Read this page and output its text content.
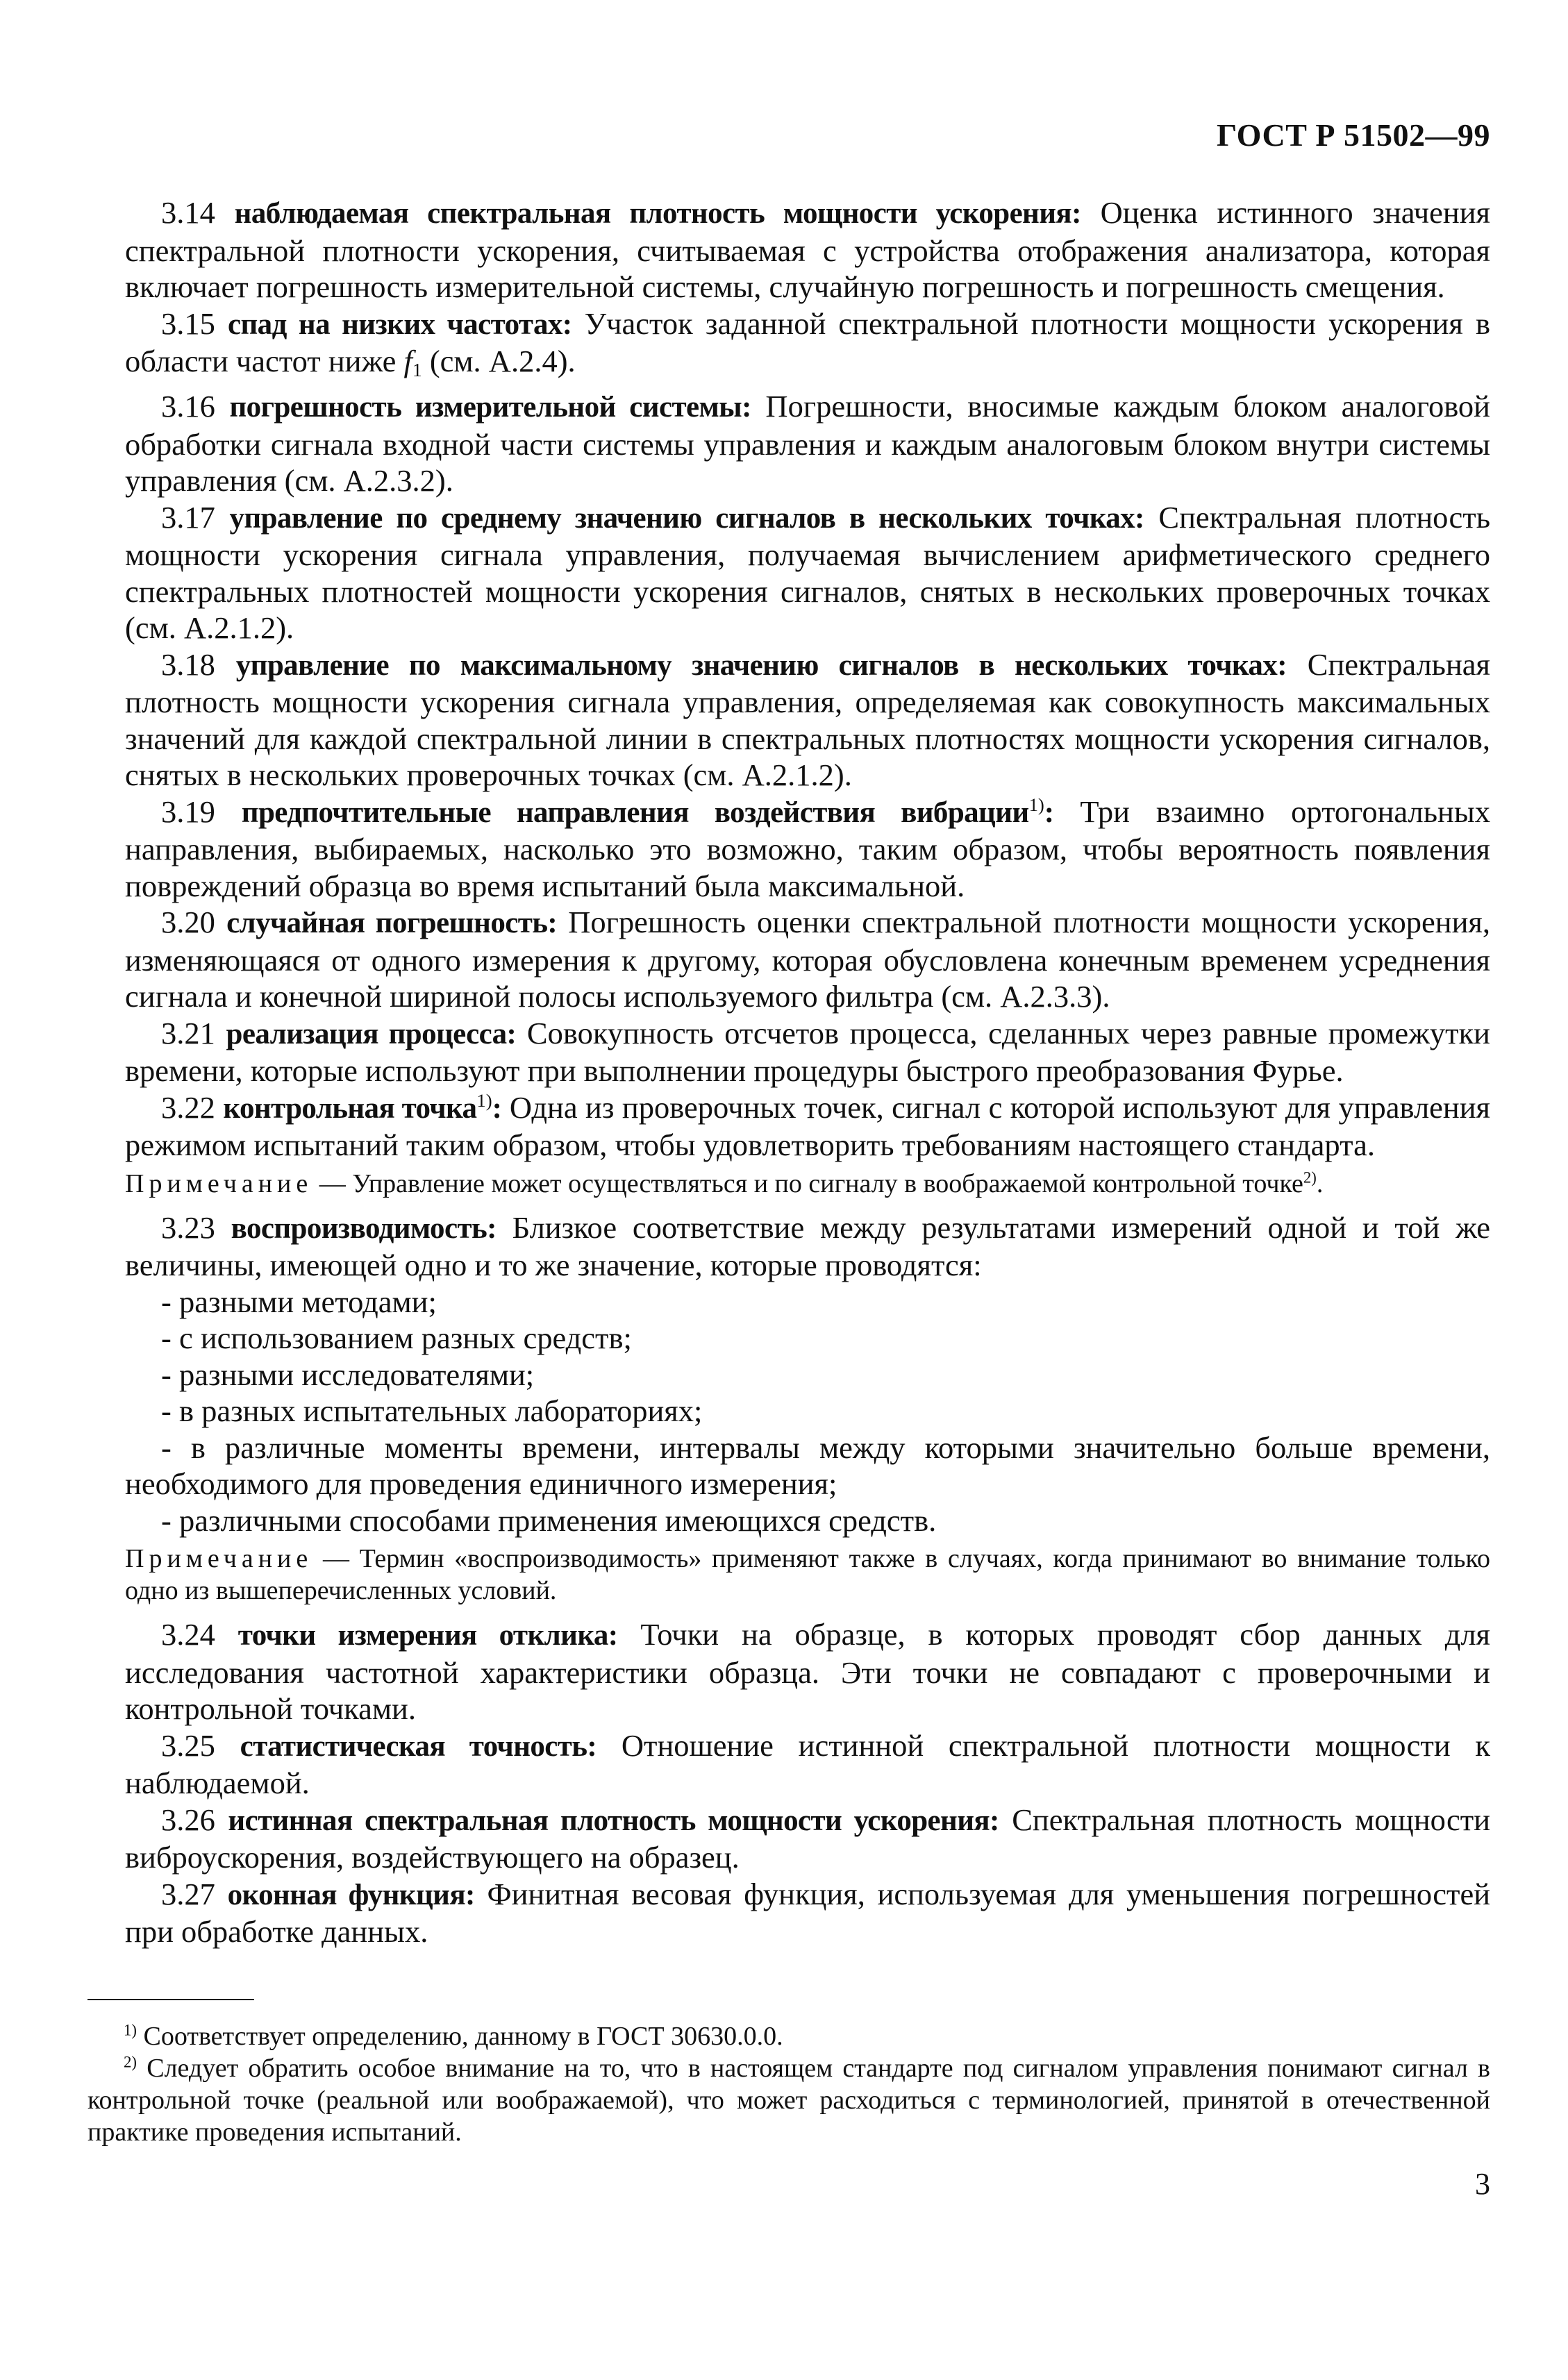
ГОСТ Р 51502—99

3.14 наблюдаемая спектральная плотность мощности ускорения: Оценка истинного значения спектральной плотности ускорения, считываемая с устройства отображения анализатора, которая включает погрешность измерительной системы, случайную погрешность и погрешность смещения.

3.15 спад на низких частотах: Участок заданной спектральной плотности мощности ускорения в области частот ниже $f_1$ (см. А.2.4).

3.16 погрешность измерительной системы: Погрешности, вносимые каждым блоком аналоговой обработки сигнала входной части системы управления и каждым аналоговым блоком внутри системы управления (см. А.2.3.2).

3.17 управление по среднему значению сигналов в нескольких точках: Спектральная плотность мощности ускорения сигнала управления, получаемая вычислением арифметического среднего спектральных плотностей мощности ускорения сигналов, снятых в нескольких проверочных точках (см. А.2.1.2).

3.18 управление по максимальному значению сигналов в нескольких точках: Спектральная плотность мощности ускорения сигнала управления, определяемая как совокупность максимальных значений для каждой спектральной линии в спектральных плотностях мощности ускорения сигналов, снятых в нескольких проверочных точках (см. А.2.1.2).

3.19 предпочтительные направления воздействия вибрации$^{1)}$: Три взаимно ортогональных направления, выбираемых, насколько это возможно, таким образом, чтобы вероятность появления повреждений образца во время испытаний была максимальной.

3.20 случайная погрешность: Погрешность оценки спектральной плотности мощности ускорения, изменяющаяся от одного измерения к другому, которая обусловлена конечным временем усреднения сигнала и конечной шириной полосы используемого фильтра (см. А.2.3.3).

3.21 реализация процесса: Совокупность отсчетов процесса, сделанных через равные промежутки времени, которые используют при выполнении процедуры быстрого преобразования Фурье.

3.22 контрольная точка$^{1)}$: Одна из проверочных точек, сигнал с которой используют для управления режимом испытаний таким образом, чтобы удовлетворить требованиям настоящего стандарта.

Примечание — Управление может осуществляться и по сигналу в воображаемой контрольной точке$^{2)}$.

3.23 воспроизводимость: Близкое соответствие между результатами измерений одной и той же величины, имеющей одно и то же значение, которые проводятся:

- разными методами;
- с использованием разных средств;
- разными исследователями;
- в разных испытательных лабораториях;
- в различные моменты времени, интервалы между которыми значительно больше времени, необходимого для проведения единичного измерения;
- различными способами применения имеющихся средств.

Примечание — Термин «воспроизводимость» применяют также в случаях, когда принимают во внимание только одно из вышеперечисленных условий.

3.24 точки измерения отклика: Точки на образце, в которых проводят сбор данных для исследования частотной характеристики образца. Эти точки не совпадают с проверочными и контрольной точками.

3.25 статистическая точность: Отношение истинной спектральной плотности мощности к наблюдаемой.

3.26 истинная спектральная плотность мощности ускорения: Спектральная плотность мощности виброускорения, воздействующего на образец.

3.27 оконная функция: Финитная весовая функция, используемая для уменьшения погрешностей при обработке данных.

$^{1)}$ Соответствует определению, данному в ГОСТ 30630.0.0.

$^{2)}$ Следует обратить особое внимание на то, что в настоящем стандарте под сигналом управления понимают сигнал в контрольной точке (реальной или воображаемой), что может расходиться с терминологией, принятой в отечественной практике проведения испытаний.

3
